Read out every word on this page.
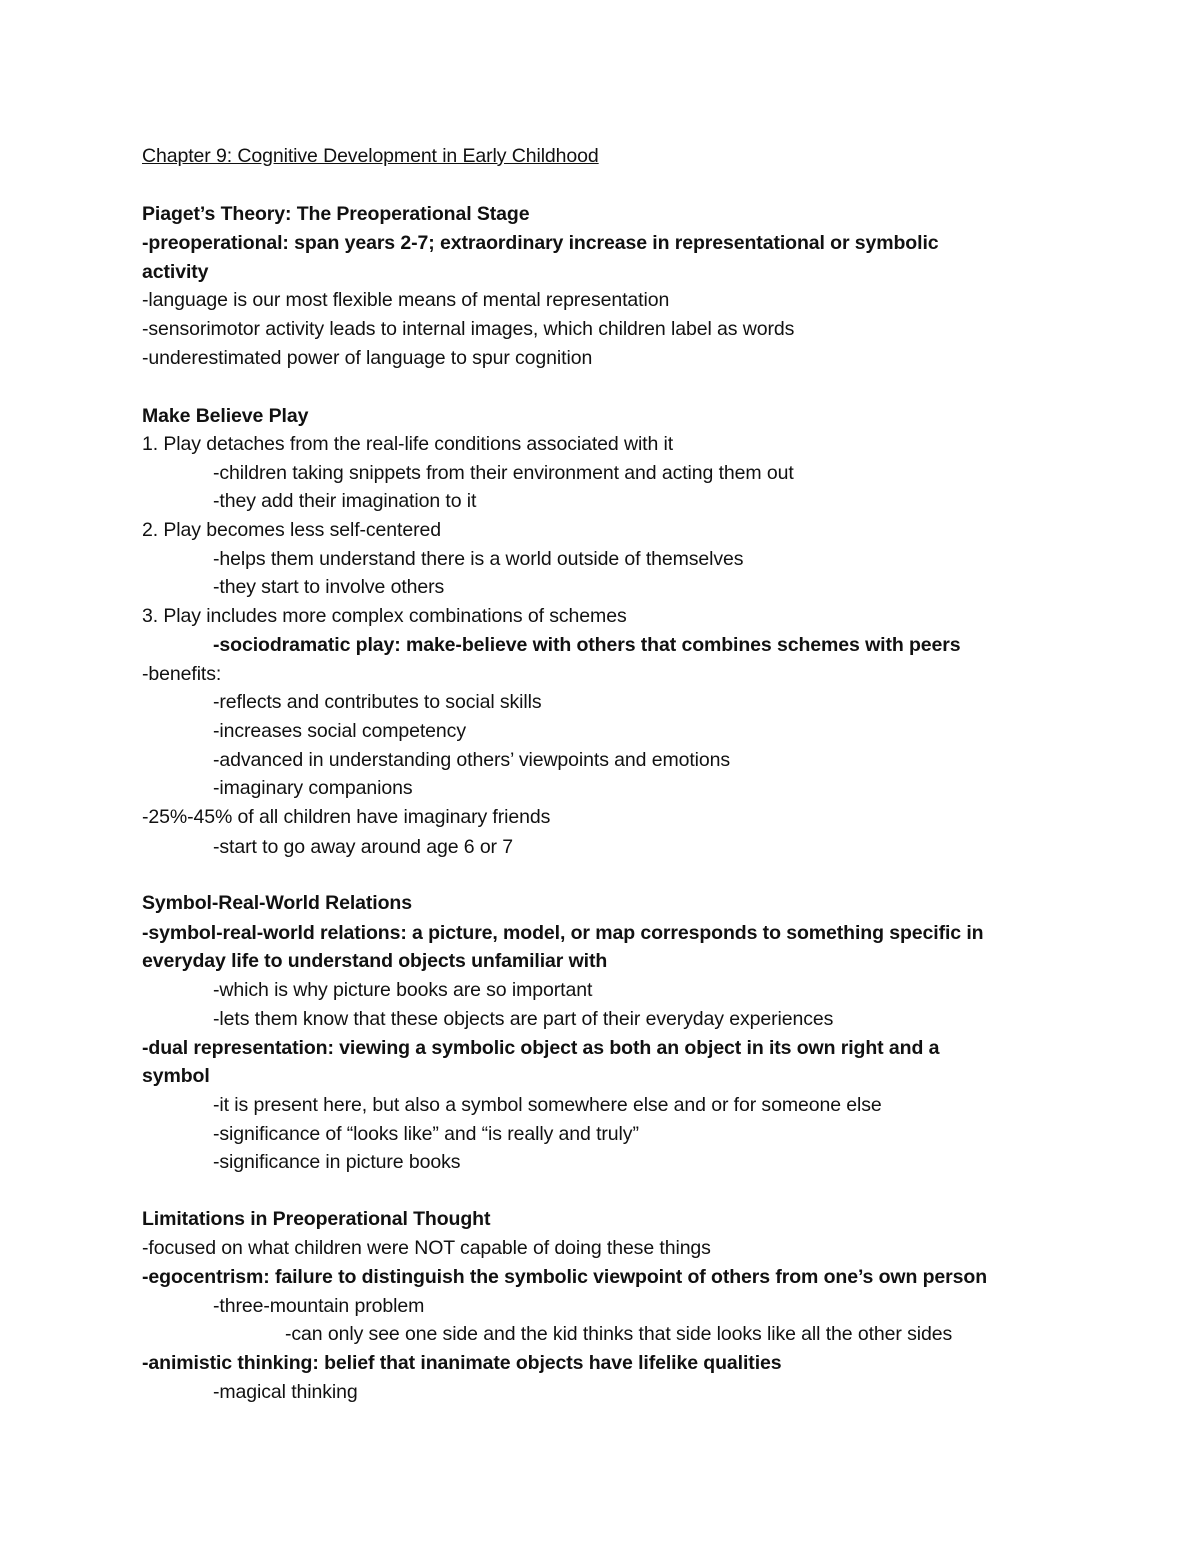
Chapter 9: Cognitive Development in Early Childhood
Piaget’s Theory: The Preoperational Stage
-preoperational: span years 2-7; extraordinary increase in representational or symbolic
activity
-language is our most flexible means of mental representation
-sensorimotor activity leads to internal images, which children label as words
-underestimated power of language to spur cognition
Make Believe Play
1. Play detaches from the real-life conditions associated with it
-children taking snippets from their environment and acting them out
-they add their imagination to it
2. Play becomes less self-centered
-helps them understand there is a world outside of themselves
-they start to involve others
3. Play includes more complex combinations of schemes
-sociodramatic play: make-believe with others that combines schemes with peers
-benefits:
-reflects and contributes to social skills
-increases social competency
-advanced in understanding others’ viewpoints and emotions
-imaginary companions
-25%-45% of all children have imaginary friends
-start to go away around age 6 or 7
Symbol-Real-World Relations
-symbol-real-world relations: a picture, model, or map corresponds to something specific in
everyday life to understand objects unfamiliar with
-which is why picture books are so important
-lets them know that these objects are part of their everyday experiences
-dual representation: viewing a symbolic object as both an object in its own right and a
symbol
-it is present here, but also a symbol somewhere else and or for someone else
-significance of “looks like” and “is really and truly”
-significance in picture books
Limitations in Preoperational Thought
-focused on what children were NOT capable of doing these things
-egocentrism: failure to distinguish the symbolic viewpoint of others from one’s own person
-three-mountain problem
-can only see one side and the kid thinks that side looks like all the other sides
-animistic thinking: belief that inanimate objects have lifelike qualities
-magical thinking
